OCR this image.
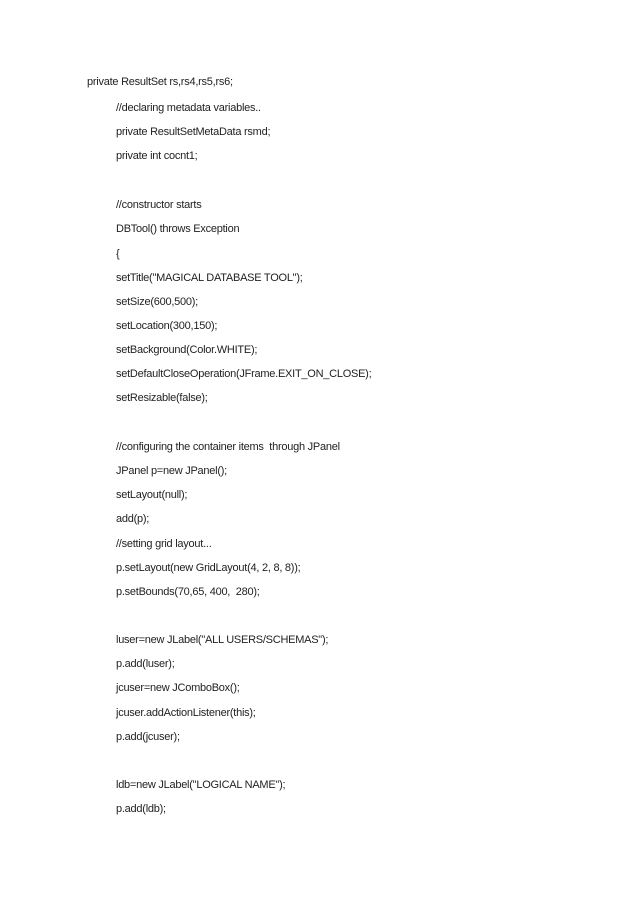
private ResultSet rs,rs4,rs5,rs6;
//declaring metadata variables..
private ResultSetMetaData rsmd;
private int cocnt1;
//constructor starts
DBTool() throws Exception
{
setTitle("MAGICAL DATABASE TOOL");
setSize(600,500);
setLocation(300,150);
setBackground(Color.WHITE);
setDefaultCloseOperation(JFrame.EXIT_ON_CLOSE);
setResizable(false);
//configuring the container items  through JPanel
JPanel p=new JPanel();
setLayout(null);
add(p);
//setting grid layout...
p.setLayout(new GridLayout(4, 2, 8, 8));
p.setBounds(70,65, 400,  280);
luser=new JLabel("ALL USERS/SCHEMAS");
p.add(luser);
jcuser=new JComboBox();
jcuser.addActionListener(this);
p.add(jcuser);
ldb=new JLabel("LOGICAL NAME");
p.add(ldb);
